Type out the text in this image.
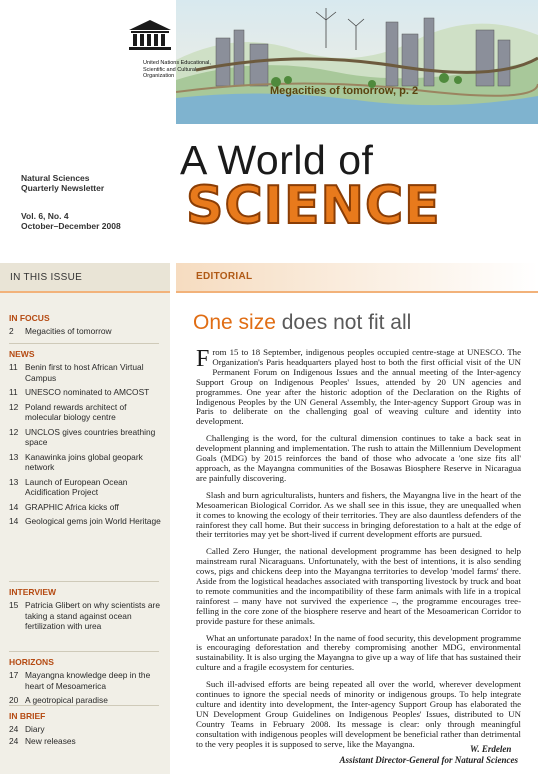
Megacities of tomorrow, p. 2
United Nations Educational, Scientific and Cultural Organization
A World of
SCIENCE
Natural Sciences
Quarterly Newsletter
Vol. 6, No. 4
October–December 2008
IN THIS ISSUE	EDITORIAL
IN FOCUS
2	Megacities of tomorrow
NEWS
11 Benin first to host African Virtual Campus
11 UNESCO nominated to AMCOST
12 Poland rewards architect of molecular biology centre
12 UNCLOS gives countries breathing space
13 Kanawinka joins global geopark network
13 Launch of European Ocean Acidification Project
14 GRAPHIC Africa kicks off
14 Geological gems join World Heritage
INTERVIEW
15 Patricia Glibert on why scientists are taking a stand against ocean fertilization with urea
HORIZONS
17 Mayangna knowledge deep in the heart of Mesoamerica
20 A geotropical paradise
IN BRIEF
24 Diary
24 New releases
One size does not fit all

From 15 to 18 September, indigenous peoples occupied centre-stage at UNESCO. The Organization's Paris headquarters played host to both the first official visit of the UN Permanent Forum on Indigenous Issues and the annual meeting of the Inter-agency Support Group on Indigenous Peoples' Issues, attended by 20 UN agencies and programmes. One year after the historic adoption of the Declaration on the Rights of Indigenous Peoples by the UN General Assembly, the Inter-agency Support Group was in Paris to deliberate on the challenging goal of weaving culture and identity into development.

Challenging is the word, for the cultural dimension continues to take a back seat in development planning and implementation. The rush to attain the Millennium Development Goals (MDG) by 2015 reinforces the band of those who advocate a 'one size fits all' approach, as the Mayangna communities of the Bosawas Biosphere Reserve in Nicaragua are painfully discovering.

Slash and burn agriculturalists, hunters and fishers, the Mayangna live in the heart of the Mesoamerican Biological Corridor. As we shall see in this issue, they are unequalled when it comes to knowing the ecology of their territories. They are also dauntless defenders of the rainforest they call home. But their success in bringing deforestation to a halt at the edge of their territories may yet be short-lived if current development efforts are pursued.

Called Zero Hunger, the national development programme has been designed to help mainstream rural Nicaraguans. Unfortunately, with the best of intentions, it is also sending cows, pigs and chickens deep into the Mayangna territories to develop 'model farms' there. Aside from the logistical headaches associated with transporting livestock by truck and boat to remote communities and the incompatibility of these farm animals with life in a tropical rainforest – many have not survived the experience –, the programme encourages tree-felling in the core zone of the biosphere reserve and heart of the Mesoamerican Corridor to provide pasture for these animals.

What an unfortunate paradox! In the name of food security, this development programme is encouraging deforestation and thereby compromising another MDG, environmental sustainability. It is also urging the Mayangna to give up a way of life that has sustained their culture and a fragile ecosystem for centuries.

Such ill-advised efforts are being repeated all over the world, wherever development continues to ignore the special needs of minority or indigenous groups. To help integrate culture and identity into development, the Inter-agency Support Group has elaborated the UN Development Group Guidelines on Indigenous Peoples' Issues, distributed to UN Country Teams in February 2008. Its message is clear: only through meaningful consultation with indigenous peoples will development be beneficial rather than detrimental to the very peoples it is supposed to serve, like the Mayangna.

W. Erdelen
Assistant Director-General for Natural Sciences
